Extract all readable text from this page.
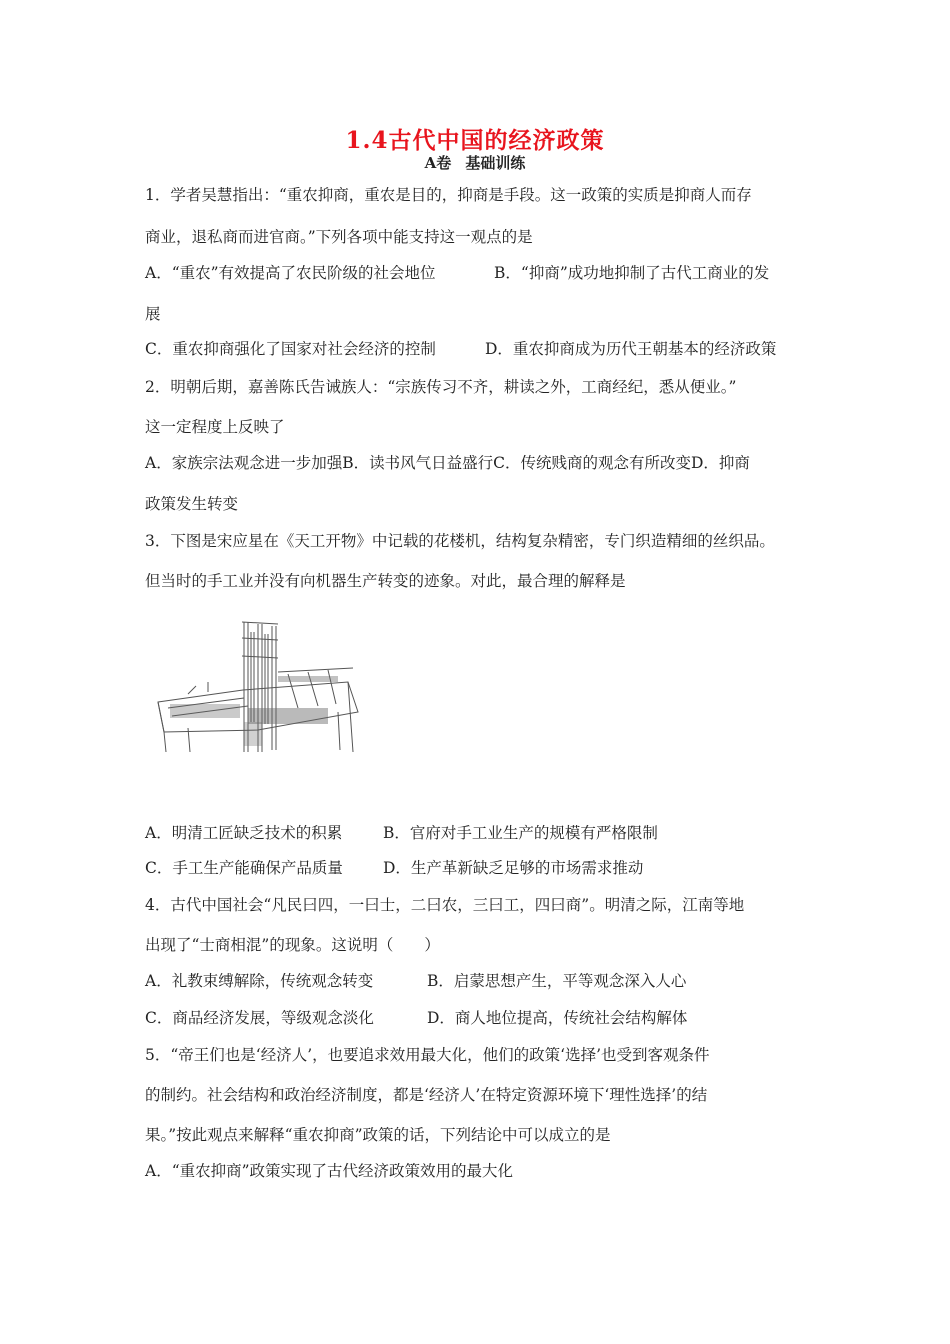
1.4古代中国的经济政策
A卷 基础训练
1．学者吴慧指出：“重农抑商，重农是目的，抑商是手段。这一政策的实质是抑商人而存
商业，退私商而进官商。”下列各项中能支持这一观点的是
A．“重农”有效提高了农民阶级的社会地位	B．“抑商”成功地抑制了古代工商业的发
展
C．重农抑商强化了国家对社会经济的控制	D．重农抑商成为历代王朝基本的经济政策
2．明朝后期，嘉善陈氏告诫族人：“宗族传习不齐，耕读之外，工商经纪，悉从便业。”
这一定程度上反映了
A．家族宗法观念进一步加强B．读书风气日益盛行C．传统贱商的观念有所改变D．抑商
政策发生转变
3．下图是宋应星在《天工开物》中记载的花楼机，结构复杂精密，专门织造精细的丝织品。
但当时的手工业并没有向机器生产转变的迹象。对此，最合理的解释是
A．明清工匠缺乏技术的积累	B．官府对手工业生产的规模有严格限制
C．手工生产能确保产品质量	D．生产革新缺乏足够的市场需求推动
4．古代中国社会“凡民曰四，一曰士，二曰农，三曰工，四曰商”。明清之际，江南等地
出现了“士商相混”的现象。这说明（　　）
A．礼教束缚解除，传统观念转变	B．启蒙思想产生，平等观念深入人心
C．商品经济发展，等级观念淡化	D．商人地位提高，传统社会结构解体
5．“帝王们也是‘经济人’，也要追求效用最大化，他们的政策‘选择’也受到客观条件
的制约。社会结构和政治经济制度，都是‘经济人’在特定资源环境下‘理性选择’的结
果。”按此观点来解释“重农抑商”政策的话，下列结论中可以成立的是
A．“重农抑商”政策实现了古代经济政策效用的最大化
